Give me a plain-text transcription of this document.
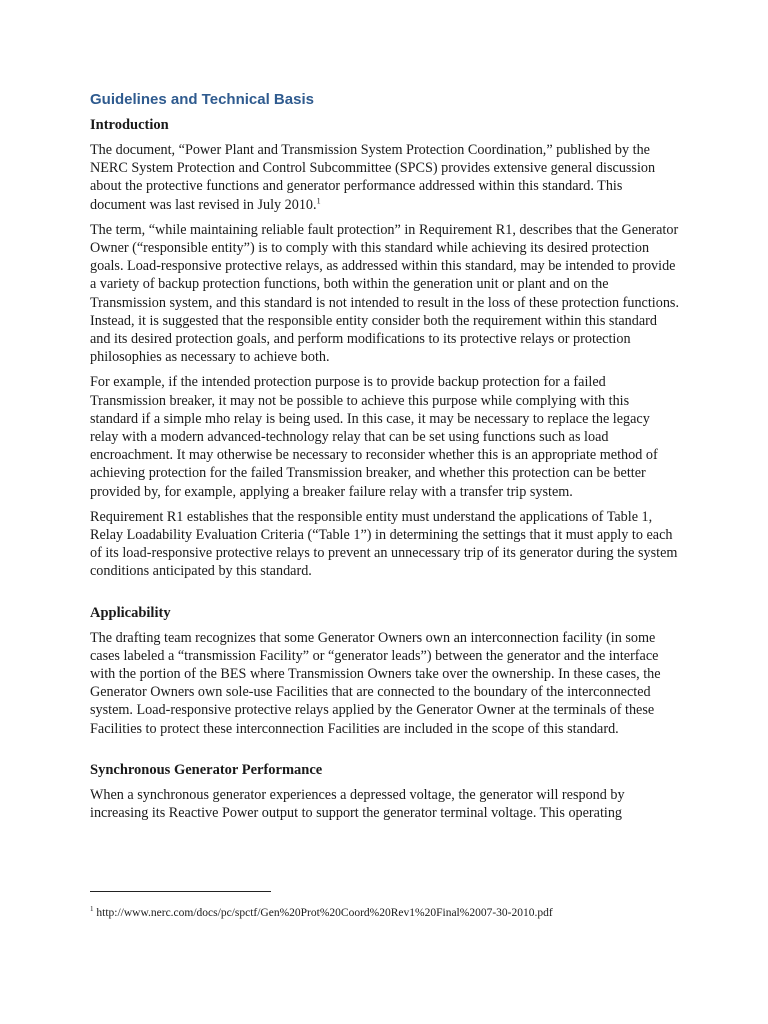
Guidelines and Technical Basis
Introduction

The document, “Power Plant and Transmission System Protection Coordination,” published by the NERC System Protection and Control Subcommittee (SPCS) provides extensive general discussion about the protective functions and generator performance addressed within this standard. This document was last revised in July 2010.$^1$

The term, “while maintaining reliable fault protection” in Requirement R1, describes that the Generator Owner (“responsible entity”) is to comply with this standard while achieving its desired protection goals. Load-responsive protective relays, as addressed within this standard, may be intended to provide a variety of backup protection functions, both within the generation unit or plant and on the Transmission system, and this standard is not intended to result in the loss of these protection functions. Instead, it is suggested that the responsible entity consider both the requirement within this standard and its desired protection goals, and perform modifications to its protective relays or protection philosophies as necessary to achieve both.

For example, if the intended protection purpose is to provide backup protection for a failed Transmission breaker, it may not be possible to achieve this purpose while complying with this standard if a simple mho relay is being used. In this case, it may be necessary to replace the legacy relay with a modern advanced-technology relay that can be set using functions such as load encroachment. It may otherwise be necessary to reconsider whether this is an appropriate method of achieving protection for the failed Transmission breaker, and whether this protection can be better provided by, for example, applying a breaker failure relay with a transfer trip system.

Requirement R1 establishes that the responsible entity must understand the applications of Table 1, Relay Loadability Evaluation Criteria (“Table 1”) in determining the settings that it must apply to each of its load-responsive protective relays to prevent an unnecessary trip of its generator during the system conditions anticipated by this standard.

Applicability

The drafting team recognizes that some Generator Owners own an interconnection facility (in some cases labeled a “transmission Facility” or “generator leads”) between the generator and the interface with the portion of the BES where Transmission Owners take over the ownership. In these cases, the Generator Owners own sole-use Facilities that are connected to the boundary of the interconnected system. Load-responsive protective relays applied by the Generator Owner at the terminals of these Facilities to protect these interconnection Facilities are included in the scope of this standard.

Synchronous Generator Performance

When a synchronous generator experiences a depressed voltage, the generator will respond by increasing its Reactive Power output to support the generator terminal voltage. This operating

$^1$ http://www.nerc.com/docs/pc/spctf/Gen%20Prot%20Coord%20Rev1%20Final%2007-30-2010.pdf
